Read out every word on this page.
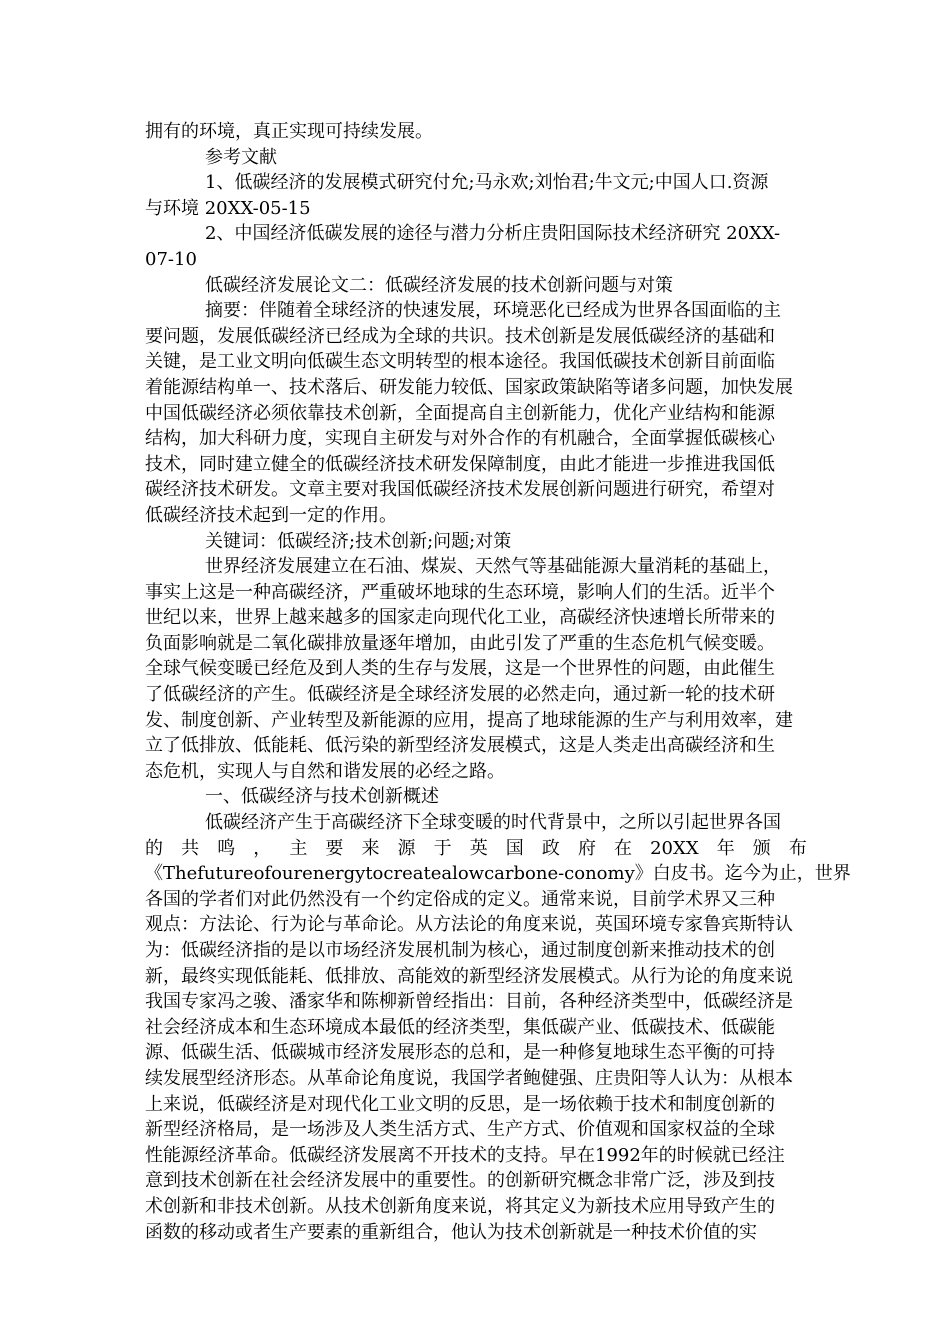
拥有的环境，真正实现可持续发展。
参考文献
1、低碳经济的发展模式研究付允;马永欢;刘怡君;牛文元;中国人口.资源
与环境 20XX-05-15
2、中国经济低碳发展的途径与潜力分析庄贵阳国际技术经济研究 20XX-
07-10
低碳经济发展论文二：低碳经济发展的技术创新问题与对策
摘要：伴随着全球经济的快速发展，环境恶化已经成为世界各国面临的主
要问题，发展低碳经济已经成为全球的共识。技术创新是发展低碳经济的基础和
关键，是工业文明向低碳生态文明转型的根本途径。我国低碳技术创新目前面临
着能源结构单一、技术落后、研发能力较低、国家政策缺陷等诸多问题，加快发展
中国低碳经济必须依靠技术创新，全面提高自主创新能力，优化产业结构和能源
结构，加大科研力度，实现自主研发与对外合作的有机融合，全面掌握低碳核心
技术，同时建立健全的低碳经济技术研发保障制度，由此才能进一步推进我国低
碳经济技术研发。文章主要对我国低碳经济技术发展创新问题进行研究，希望对
低碳经济技术起到一定的作用。
关键词：低碳经济;技术创新;问题;对策
世界经济发展建立在石油、煤炭、天然气等基础能源大量消耗的基础上，
事实上这是一种高碳经济，严重破坏地球的生态环境，影响人们的生活。近半个
世纪以来，世界上越来越多的国家走向现代化工业，高碳经济快速增长所带来的
负面影响就是二氧化碳排放量逐年增加，由此引发了严重的生态危机气候变暖。
全球气候变暖已经危及到人类的生存与发展，这是一个世界性的问题，由此催生
了低碳经济的产生。低碳经济是全球经济发展的必然走向，通过新一轮的技术研
发、制度创新、产业转型及新能源的应用，提高了地球能源的生产与利用效率，建
立了低排放、低能耗、低污染的新型经济发展模式，这是人类走出高碳经济和生
态危机，实现人与自然和谐发展的必经之路。
一、低碳经济与技术创新概述
低碳经济产生于高碳经济下全球变暖的时代背景中，之所以引起世界各国
的 共 鸣 ， 主 要 来 源 于 英 国 政 府 在 20XX 年 颁 布
《Thefutureofourenergytocreatealowcarbone-conomy》白皮书。迄今为止，世界
各国的学者们对此仍然没有一个约定俗成的定义。通常来说，目前学术界又三种
观点：方法论、行为论与革命论。从方法论的角度来说，英国环境专家鲁宾斯特认
为：低碳经济指的是以市场经济发展机制为核心，通过制度创新来推动技术的创
新，最终实现低能耗、低排放、高能效的新型经济发展模式。从行为论的角度来说
我国专家冯之骏、潘家华和陈柳新曾经指出：目前，各种经济类型中，低碳经济是
社会经济成本和生态环境成本最低的经济类型，集低碳产业、低碳技术、低碳能
源、低碳生活、低碳城市经济发展形态的总和，是一种修复地球生态平衡的可持
续发展型经济形态。从革命论角度说，我国学者鲍健强、庄贵阳等人认为：从根本
上来说，低碳经济是对现代化工业文明的反思，是一场依赖于技术和制度创新的
新型经济格局，是一场涉及人类生活方式、生产方式、价值观和国家权益的全球
性能源经济革命。低碳经济发展离不开技术的支持。早在1992年的时候就已经注
意到技术创新在社会经济发展中的重要性。的创新研究概念非常广泛，涉及到技
术创新和非技术创新。从技术创新角度来说，将其定义为新技术应用导致产生的
函数的移动或者生产要素的重新组合，他认为技术创新就是一种技术价值的实
